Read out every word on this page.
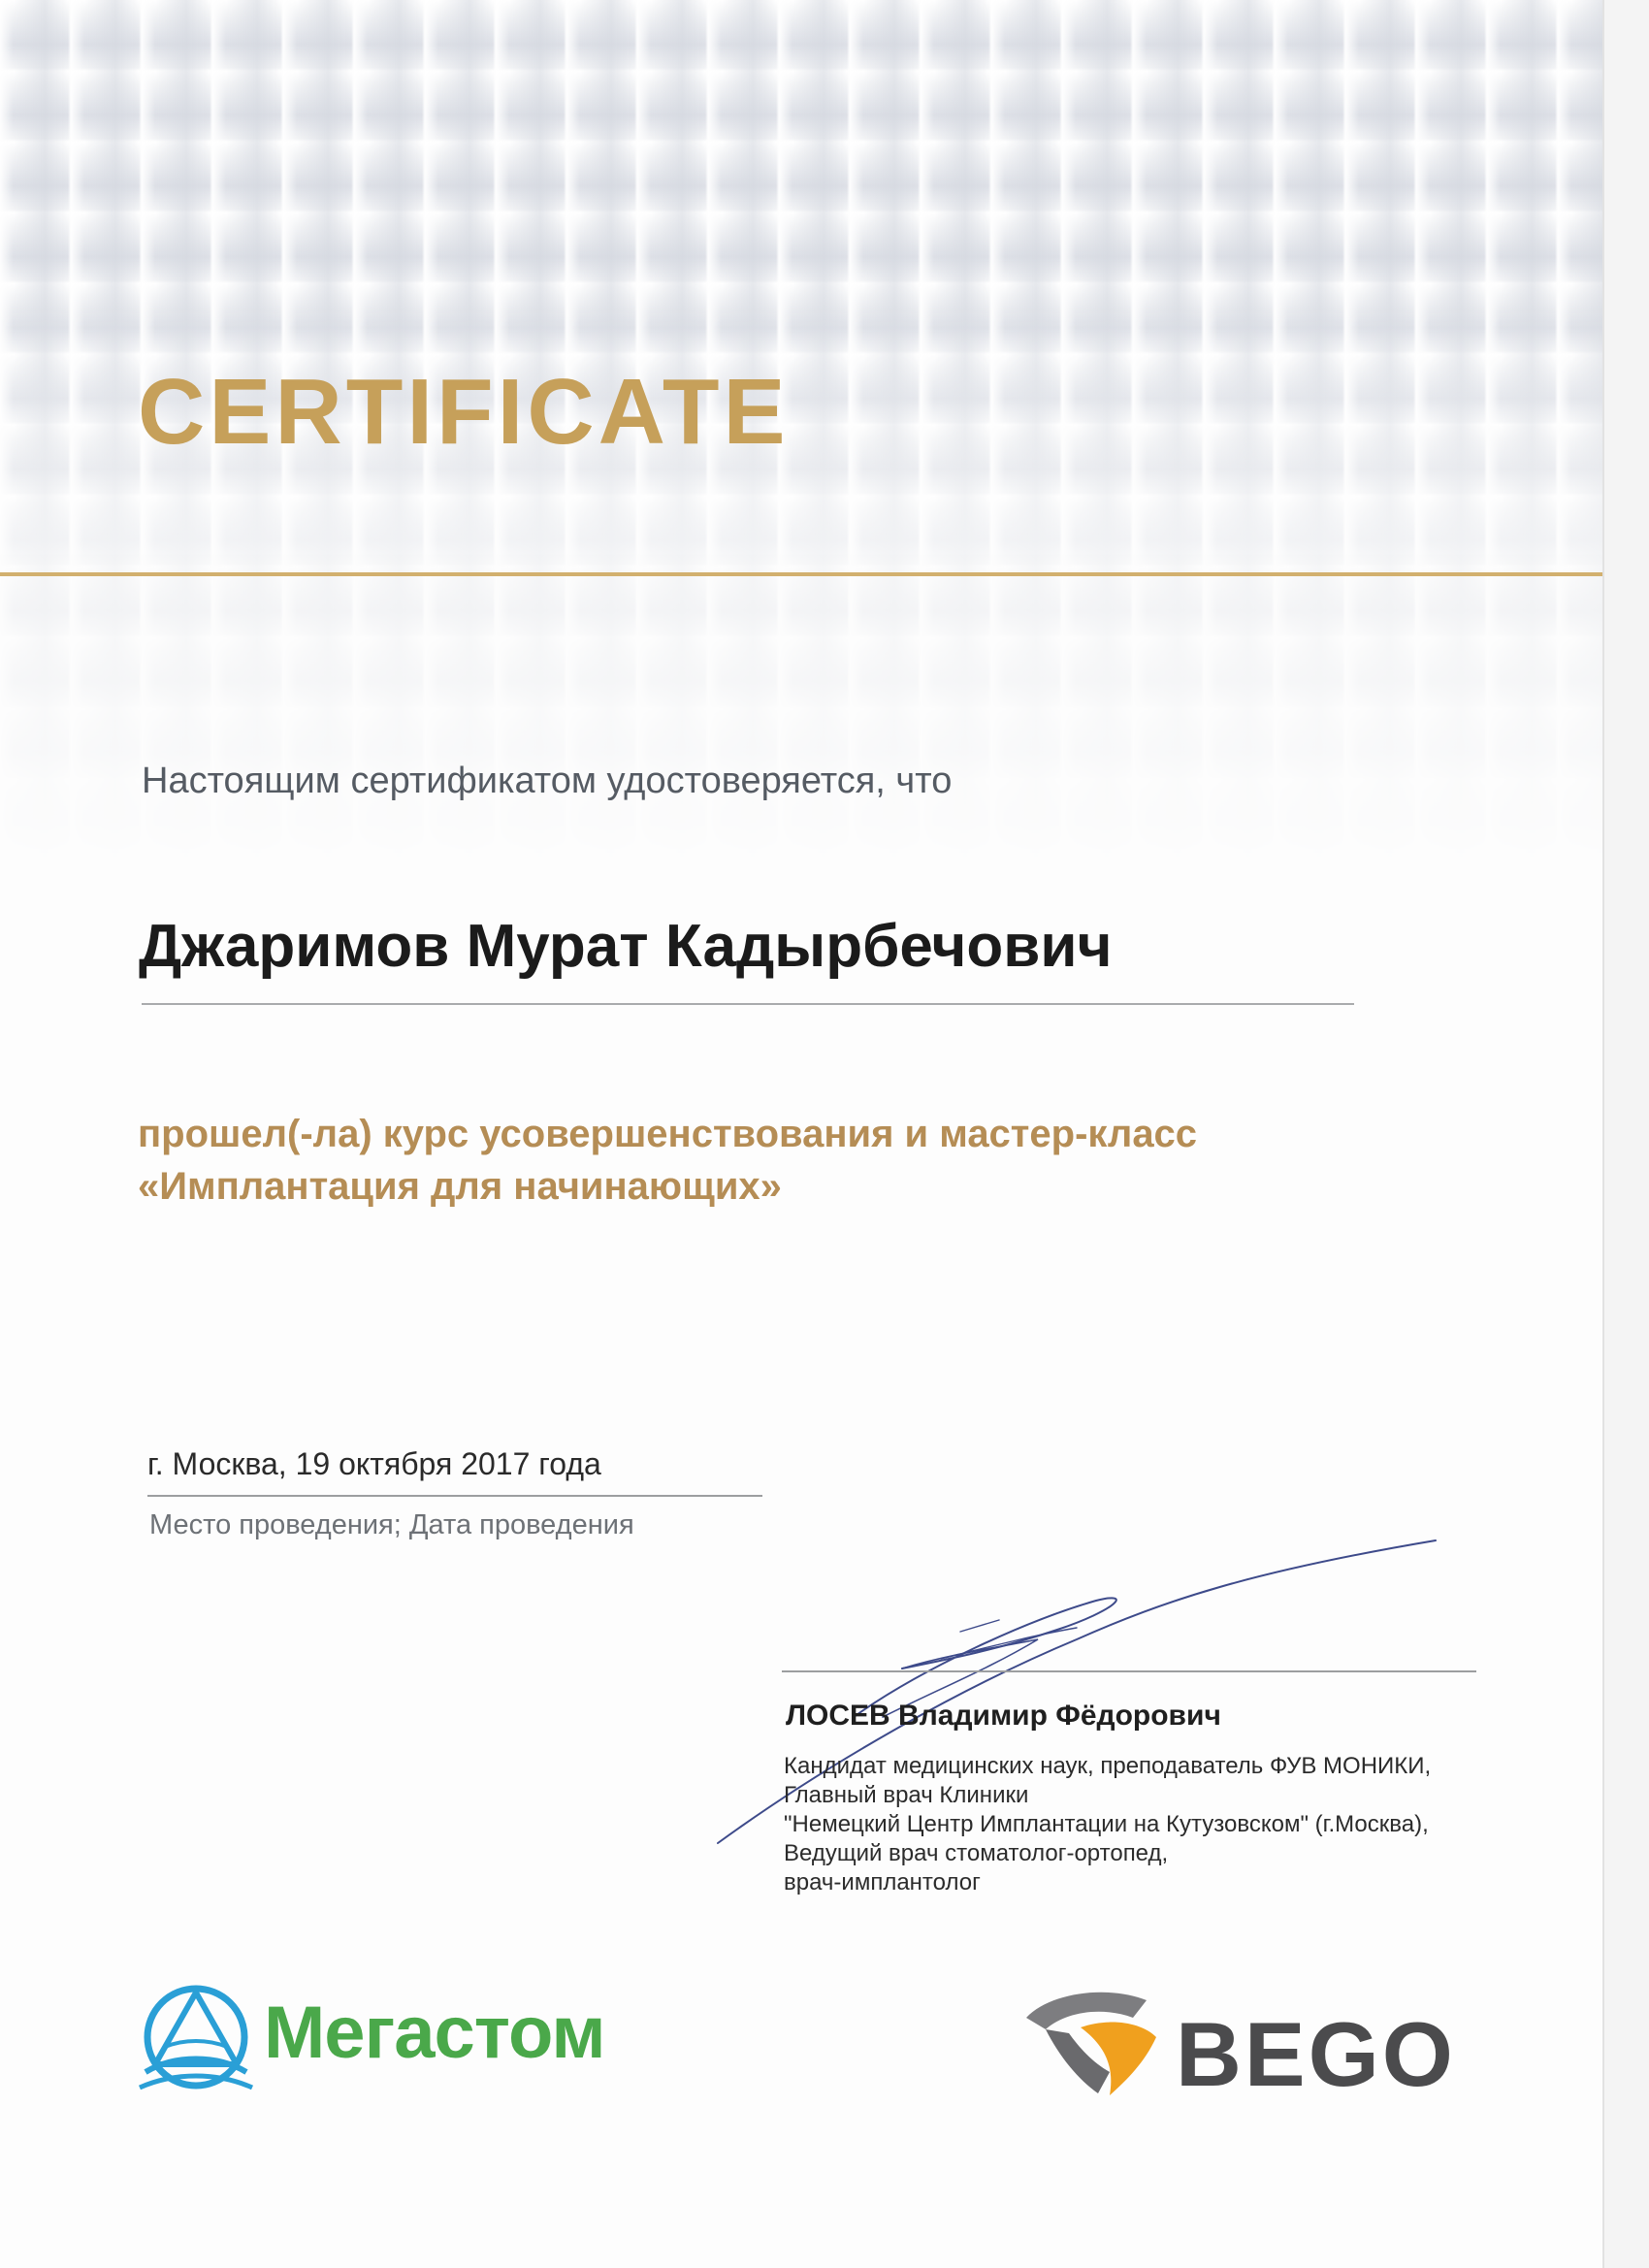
CERTIFICATE

Настоящим сертификатом удостоверяется, что

Джаримов Мурат Кадырбечович

прошел(-ла) курс усовершенствования и мастер-класс
«Имплантация для начинающих»

г. Москва, 19 октября 2017 года

Место проведения; Дата проведения

ЛОСЕВ Владимир Фёдорович

Кандидат медицинских наук, преподаватель ФУВ МОНИКИ,
Главный врач Клиники
"Немецкий Центр Имплантации на Кутузовском" (г.Москва),
Ведущий врач стоматолог-ортопед,
врач-имплантолог

Мегастом	BEGO
